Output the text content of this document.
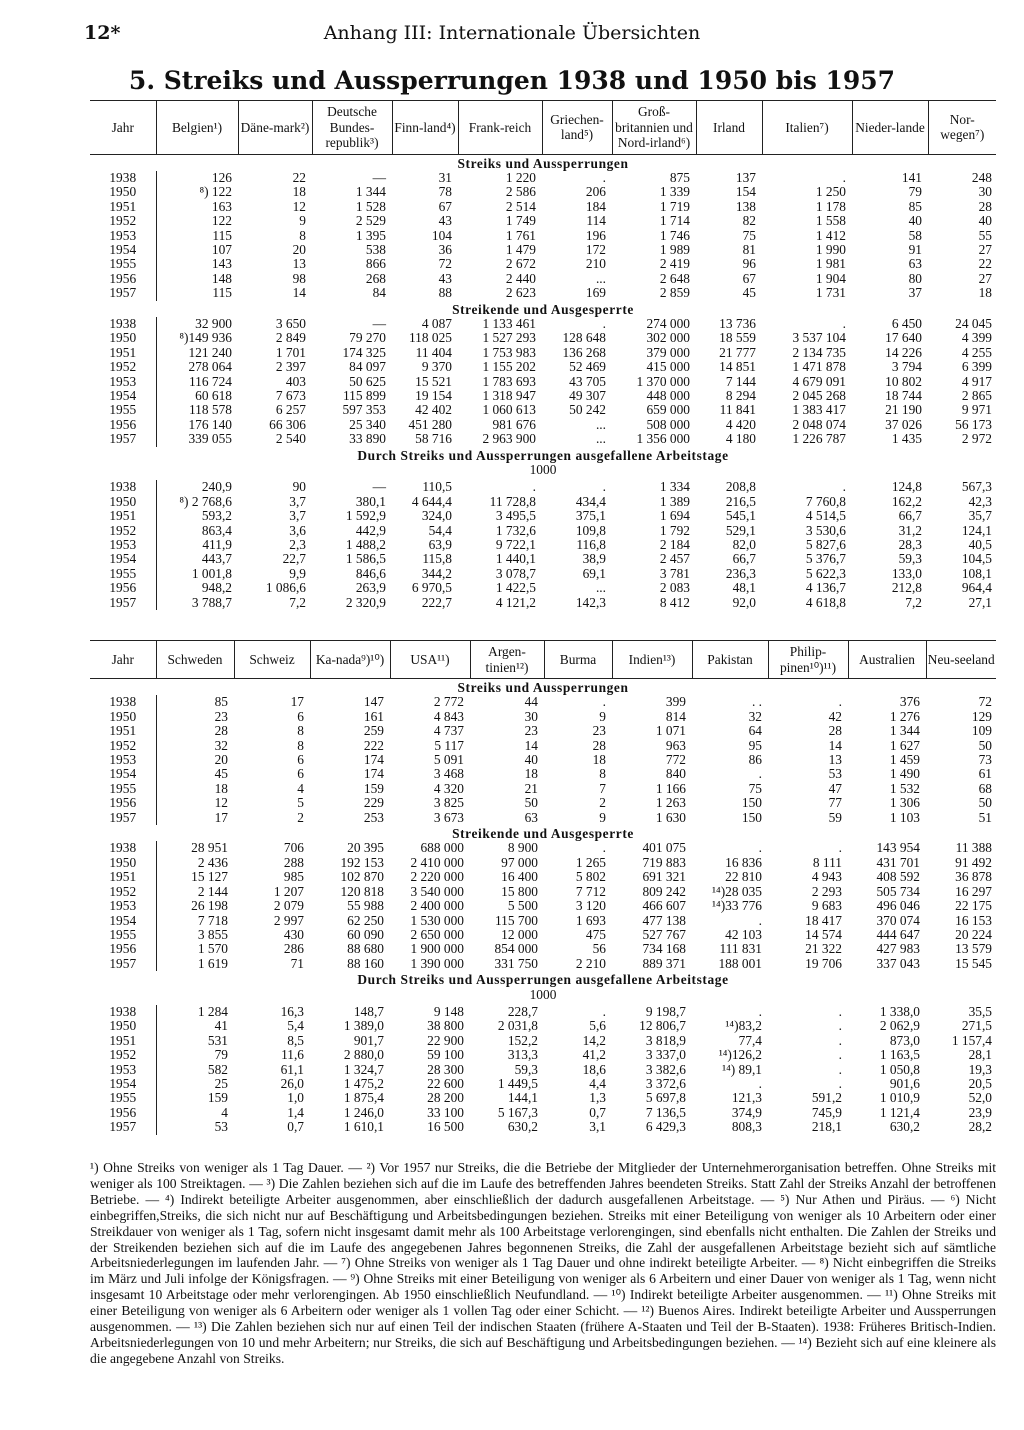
12*	Anhang III: Internationale Übersichten
5. Streiks und Aussperrungen 1938 und 1950 bis 1957
Jahr	Belgien¹)	Däne-mark²)	Deutsche Bundes-republik³)	Finn-land⁴)	Frank-reich	Griechen-land⁵)	Groß-britannien und Nord-irland⁶)	Irland	Italien⁷)	Nieder-lande	Nor-wegen⁷)
Streiks und Aussperrungen											
1938	126	22	—	31	1 220	.	875	137	.	141	248
1950	⁸) 122	18	1 344	78	2 586	206	1 339	154	1 250	79	30
1951	163	12	1 528	67	2 514	184	1 719	138	1 178	85	28
1952	122	9	2 529	43	1 749	114	1 714	82	1 558	40	40
1953	115	8	1 395	104	1 761	196	1 746	75	1 412	58	55
1954	107	20	538	36	1 479	172	1 989	81	1 990	91	27
1955	143	13	866	72	2 672	210	2 419	96	1 981	63	22
1956	148	98	268	43	2 440	...	2 648	67	1 904	80	27
1957	115	14	84	88	2 623	169	2 859	45	1 731	37	18
Streikende und Ausgesperrte											
1938	32 900	3 650	—	4 087	1 133 461	.	274 000	13 736	.	6 450	24 045
1950	⁸)149 936	2 849	79 270	118 025	1 527 293	128 648	302 000	18 559	3 537 104	17 640	4 399
1951	121 240	1 701	174 325	11 404	1 753 983	136 268	379 000	21 777	2 134 735	14 226	4 255
1952	278 064	2 397	84 097	9 370	1 155 202	52 469	415 000	14 851	1 471 878	3 794	6 399
1953	116 724	403	50 625	15 521	1 783 693	43 705	1 370 000	7 144	4 679 091	10 802	4 917
1954	60 618	7 673	115 899	19 154	1 318 947	49 307	448 000	8 294	2 045 268	18 744	2 865
1955	118 578	6 257	597 353	42 402	1 060 613	50 242	659 000	11 841	1 383 417	21 190	9 971
1956	176 140	66 306	25 340	451 280	981 676	...	508 000	4 420	2 048 074	37 026	56 173
1957	339 055	2 540	33 890	58 716	2 963 900	...	1 356 000	4 180	1 226 787	1 435	2 972
Durch Streiks und Aussperrungen ausgefallene Arbeitstage											
1000											
1938	240,9	90	—	110,5	.	.	1 334	208,8	.	124,8	567,3
1950	⁸) 2 768,6	3,7	380,1	4 644,4	11 728,8	434,4	1 389	216,5	7 760,8	162,2	42,3
1951	593,2	3,7	1 592,9	324,0	3 495,5	375,1	1 694	545,1	4 514,5	66,7	35,7
1952	863,4	3,6	442,9	54,4	1 732,6	109,8	1 792	529,1	3 530,6	31,2	124,1
1953	411,9	2,3	1 488,2	63,9	9 722,1	116,8	2 184	82,0	5 827,6	28,3	40,5
1954	443,7	22,7	1 586,5	115,8	1 440,1	38,9	2 457	66,7	5 376,7	59,3	104,5
1955	1 001,8	9,9	846,6	344,2	3 078,7	69,1	3 781	236,3	5 622,3	133,0	108,1
1956	948,2	1 086,6	263,9	6 970,5	1 422,5	...	2 083	48,1	4 136,7	212,8	964,4
1957	3 788,7	7,2	2 320,9	222,7	4 121,2	142,3	8 412	92,0	4 618,8	7,2	27,1
Jahr	Schweden	Schweiz	Ka-nada⁹)¹⁰)	USA¹¹)	Argen-tinien¹²)	Burma	Indien¹³)	Pakistan	Philip-pinen¹⁰)¹¹)	Australien	Neu-seeland
Streiks und Aussperrungen											
1938	85	17	147	2 772	44	.	399	. .	.	376	72
1950	23	6	161	4 843	30	9	814	32	42	1 276	129
1951	28	8	259	4 737	23	23	1 071	64	28	1 344	109
1952	32	8	222	5 117	14	28	963	95	14	1 627	50
1953	20	6	174	5 091	40	18	772	86	13	1 459	73
1954	45	6	174	3 468	18	8	840	.	53	1 490	61
1955	18	4	159	4 320	21	7	1 166	75	47	1 532	68
1956	12	5	229	3 825	50	2	1 263	150	77	1 306	50
1957	17	2	253	3 673	63	9	1 630	150	59	1 103	51
Streikende und Ausgesperrte											
1938	28 951	706	20 395	688 000	8 900	.	401 075	.	.	143 954	11 388
1950	2 436	288	192 153	2 410 000	97 000	1 265	719 883	16 836	8 111	431 701	91 492
1951	15 127	985	102 870	2 220 000	16 400	5 802	691 321	22 810	4 943	408 592	36 878
1952	2 144	1 207	120 818	3 540 000	15 800	7 712	809 242	¹⁴)28 035	2 293	505 734	16 297
1953	26 198	2 079	55 988	2 400 000	5 500	3 120	466 607	¹⁴)33 776	9 683	496 046	22 175
1954	7 718	2 997	62 250	1 530 000	115 700	1 693	477 138	.	18 417	370 074	16 153
1955	3 855	430	60 090	2 650 000	12 000	475	527 767	42 103	14 574	444 647	20 224
1956	1 570	286	88 680	1 900 000	854 000	56	734 168	111 831	21 322	427 983	13 579
1957	1 619	71	88 160	1 390 000	331 750	2 210	889 371	188 001	19 706	337 043	15 545
Durch Streiks und Aussperrungen ausgefallene Arbeitstage											
1000											
1938	1 284	16,3	148,7	9 148	228,7	.	9 198,7	.	.	1 338,0	35,5
1950	41	5,4	1 389,0	38 800	2 031,8	5,6	12 806,7	¹⁴)83,2	.	2 062,9	271,5
1951	531	8,5	901,7	22 900	152,2	14,2	3 818,9	77,4	.	873,0	1 157,4
1952	79	11,6	2 880,0	59 100	313,3	41,2	3 337,0	¹⁴)126,2	.	1 163,5	28,1
1953	582	61,1	1 324,7	28 300	59,3	18,6	3 382,6	¹⁴) 89,1	.	1 050,8	19,3
1954	25	26,0	1 475,2	22 600	1 449,5	4,4	3 372,6	.	.	901,6	20,5
1955	159	1,0	1 875,4	28 200	144,1	1,3	5 697,8	121,3	591,2	1 010,9	52,0
1956	4	1,4	1 246,0	33 100	5 167,3	0,7	7 136,5	374,9	745,9	1 121,4	23,9
1957	53	0,7	1 610,1	16 500	630,2	3,1	6 429,3	808,3	218,1	630,2	28,2
¹) Ohne Streiks von weniger als 1 Tag Dauer. — ²) Vor 1957 nur Streiks, die die Betriebe der Mitglieder der Unternehmerorganisation betreffen. Ohne Streiks mit weniger als 100 Streiktagen. — ³) Die Zahlen beziehen sich auf die im Laufe des betreffenden Jahres beendeten Streiks. Statt Zahl der Streiks Anzahl der betroffenen Betriebe. — ⁴) Indirekt beteiligte Arbeiter ausgenommen, aber einschließlich der dadurch ausgefallenen Arbeitstage. — ⁵) Nur Athen und Piräus. — ⁶) Nicht einbegriffen,Streiks, die sich nicht nur auf Beschäftigung und Arbeitsbedingungen beziehen. Streiks mit einer Beteiligung von weniger als 10 Arbeitern oder einer Streikdauer von weniger als 1 Tag, sofern nicht insgesamt damit mehr als 100 Arbeitstage verlorengingen, sind ebenfalls nicht enthalten. Die Zahlen der Streiks und der Streikenden beziehen sich auf die im Laufe des angegebenen Jahres begonnenen Streiks, die Zahl der ausgefallenen Arbeitstage bezieht sich auf sämtliche Arbeitsniederlegungen im laufenden Jahr. — ⁷) Ohne Streiks von weniger als 1 Tag Dauer und ohne indirekt beteiligte Arbeiter. — ⁸) Nicht einbegriffen die Streiks im März und Juli infolge der Königsfragen. — ⁹) Ohne Streiks mit einer Beteiligung von weniger als 6 Arbeitern und einer Dauer von weniger als 1 Tag, wenn nicht insgesamt 10 Arbeitstage oder mehr verlorengingen. Ab 1950 einschließlich Neufundland. — ¹⁰) Indirekt beteiligte Arbeiter ausgenommen. — ¹¹) Ohne Streiks mit einer Beteiligung von weniger als 6 Arbeitern oder weniger als 1 vollen Tag oder einer Schicht. — ¹²) Buenos Aires. Indirekt beteiligte Arbeiter und Aussperrungen ausgenommen. — ¹³) Die Zahlen beziehen sich nur auf einen Teil der indischen Staaten (frühere A-Staaten und Teil der B-Staaten). 1938: Früheres Britisch-Indien. Arbeitsniederlegungen von 10 und mehr Arbeitern; nur Streiks, die sich auf Beschäftigung und Arbeitsbedingungen beziehen. — ¹⁴) Bezieht sich auf eine kleinere als die angegebene Anzahl von Streiks.
